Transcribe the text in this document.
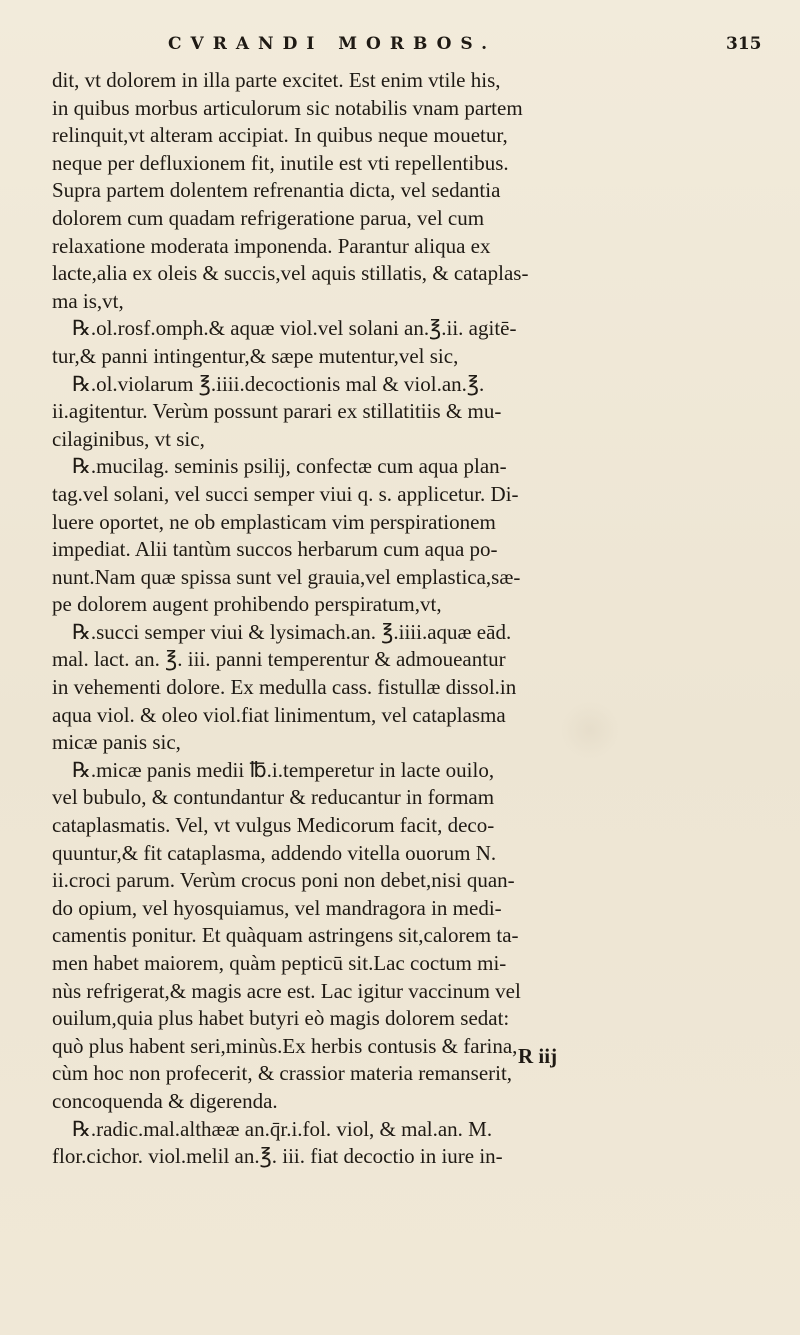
CVRANDI MORBOS.	315
dit, vt dolorem in illa parte excitet. Est enim vtile his,
in quibus morbus articulorum sic notabilis vnam partem
relinquit,vt alteram accipiat. In quibus neque mouetur,
neque per defluxionem fit, inutile est vti repellentibus.
Supra partem dolentem refrenantia dicta, vel sedantia
dolorem cum quadam refrigeratione parua, vel cum
relaxatione moderata imponenda. Parantur aliqua ex
lacte,alia ex oleis & succis,vel aquis stillatis, & cataplas-
ma is,vt,
℞.ol.rosf.omph.& aquæ viol.vel solani an.℥.ii. agitē-
tur,& panni intingentur,& sæpe mutentur,vel sic,
℞.ol.violarum ℥.iiii.decoctionis mal & viol.an.℥.
ii.agitentur. Verùm possunt parari ex stillatitiis & mu-
cilaginibus, vt sic,
℞.mucilag. seminis psilij, confectæ cum aqua plan-
tag.vel solani, vel succi semper viui q. s. applicetur. Di-
luere oportet, ne ob emplasticam vim perspirationem
impediat. Alii tantùm succos herbarum cum aqua po-
nunt.Nam quæ spissa sunt vel grauia,vel emplastica,sæ-
pe dolorem augent prohibendo perspiratum,vt,
℞.succi semper viui & lysimach.an. ℥.iiii.aquæ eād.
mal. lact. an. ℥. iii. panni temperentur & admoueantur
in vehementi dolore. Ex medulla cass. fistullæ dissol.in
aqua viol. & oleo viol.fiat linimentum, vel cataplasma
micæ panis sic,
℞.micæ panis medii ℔.i.temperetur in lacte ouilo,
vel bubulo, & contundantur & reducantur in formam
cataplasmatis. Vel, vt vulgus Medicorum facit, deco-
quuntur,& fit cataplasma, addendo vitella ouorum N.
ii.croci parum. Verùm crocus poni non debet,nisi quan-
do opium, vel hyosquiamus, vel mandragora in medi-
camentis ponitur. Et quàquam astringens sit,calorem ta-
men habet maiorem, quàm pepticū sit.Lac coctum mi-
nùs refrigerat,& magis acre est. Lac igitur vaccinum vel
ouilum,quia plus habet butyri eò magis dolorem sedat:
quò plus habent seri,minùs.Ex herbis contusis & farina,
cùm hoc non profecerit, & crassior materia remanserit,
concoquenda & digerenda.
℞.radic.mal.althææ an.q̄r.i.fol. viol, & mal.an. M.
flor.cichor. viol.melil an.℥. iii. fiat decoctio in iure in-
R iij
